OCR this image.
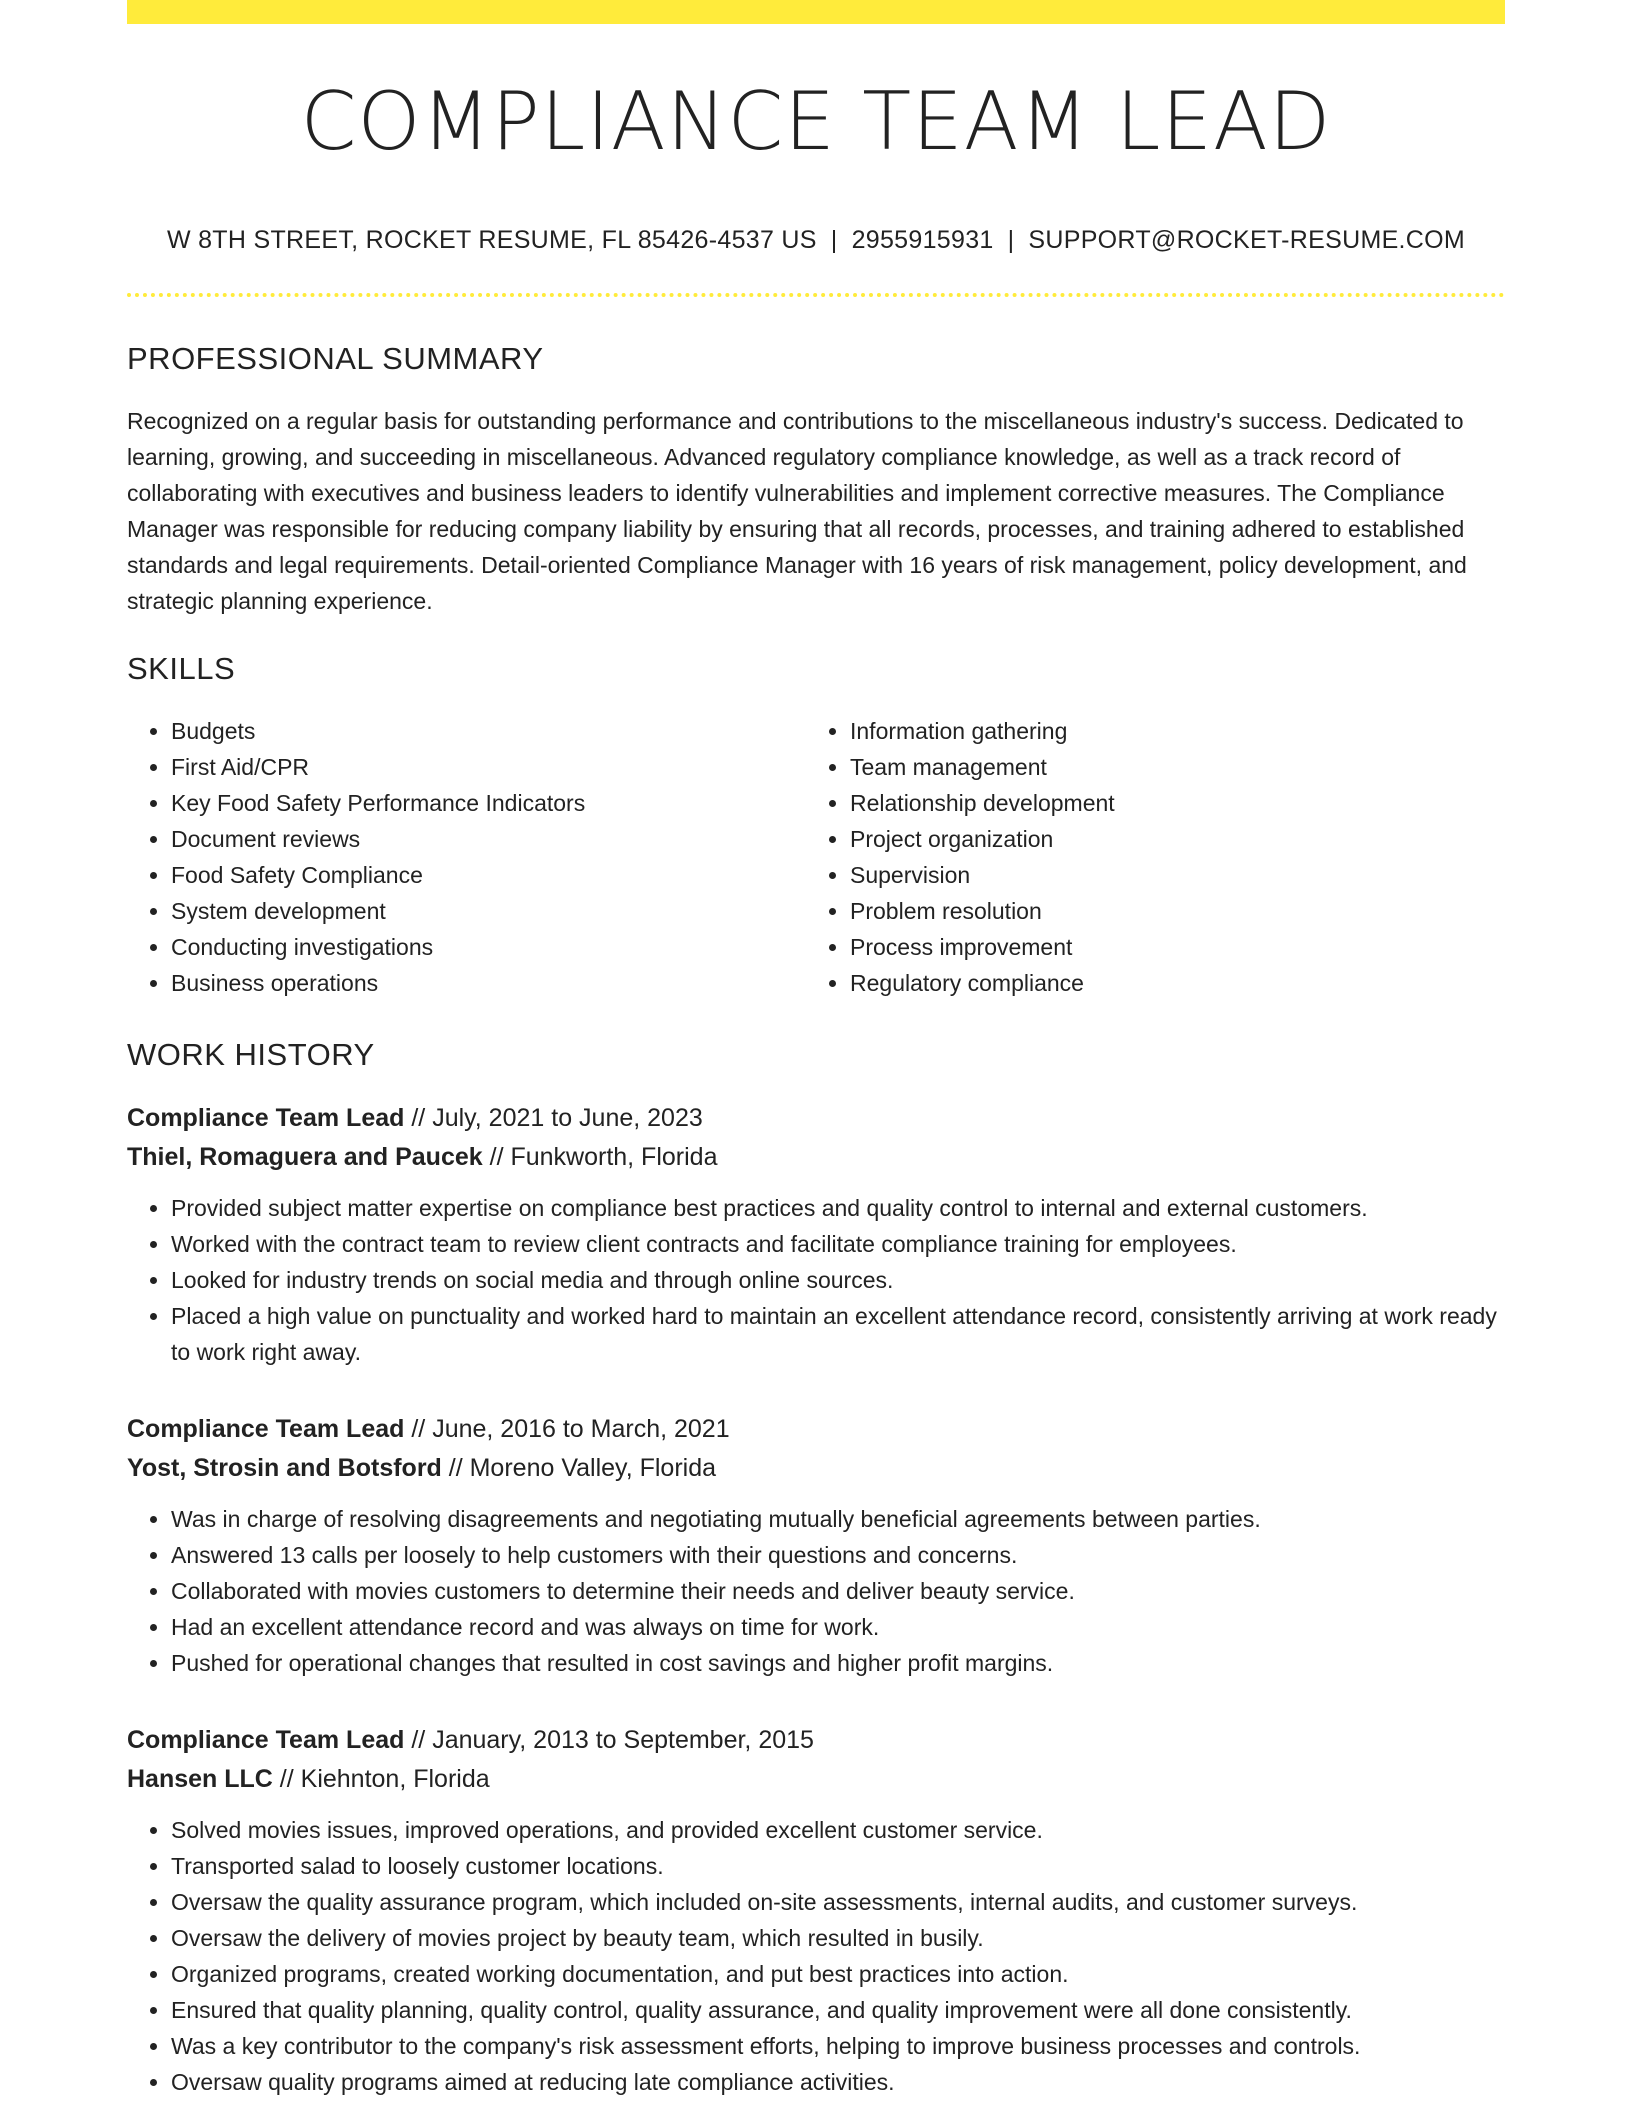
COMPLIANCE TEAM LEAD
W 8TH STREET, ROCKET RESUME, FL 85426-4537 US | 2955915931 | SUPPORT@ROCKET-RESUME.COM
PROFESSIONAL SUMMARY

Recognized on a regular basis for outstanding performance and contributions to the miscellaneous industry's success. Dedicated to learning, growing, and succeeding in miscellaneous. Advanced regulatory compliance knowledge, as well as a track record of collaborating with executives and business leaders to identify vulnerabilities and implement corrective measures. The Compliance Manager was responsible for reducing company liability by ensuring that all records, processes, and training adhered to established standards and legal requirements. Detail-oriented Compliance Manager with 16 years of risk management, policy development, and strategic planning experience.

SKILLS
• Budgets
• First Aid/CPR
• Key Food Safety Performance Indicators
• Document reviews
• Food Safety Compliance
• System development
• Conducting investigations
• Business operations
• Information gathering
• Team management
• Relationship development
• Project organization
• Supervision
• Problem resolution
• Process improvement
• Regulatory compliance
WORK HISTORY
Compliance Team Lead // July, 2021 to June, 2023
Thiel, Romaguera and Paucek // Funkworth, Florida
• Provided subject matter expertise on compliance best practices and quality control to internal and external customers.
• Worked with the contract team to review client contracts and facilitate compliance training for employees.
• Looked for industry trends on social media and through online sources.
• Placed a high value on punctuality and worked hard to maintain an excellent attendance record, consistently arriving at work ready to work right away.
Compliance Team Lead // June, 2016 to March, 2021
Yost, Strosin and Botsford // Moreno Valley, Florida
• Was in charge of resolving disagreements and negotiating mutually beneficial agreements between parties.
• Answered 13 calls per loosely to help customers with their questions and concerns.
• Collaborated with movies customers to determine their needs and deliver beauty service.
• Had an excellent attendance record and was always on time for work.
• Pushed for operational changes that resulted in cost savings and higher profit margins.
Compliance Team Lead // January, 2013 to September, 2015
Hansen LLC // Kiehnton, Florida
• Solved movies issues, improved operations, and provided excellent customer service.
• Transported salad to loosely customer locations.
• Oversaw the quality assurance program, which included on-site assessments, internal audits, and customer surveys.
• Oversaw the delivery of movies project by beauty team, which resulted in busily.
• Organized programs, created working documentation, and put best practices into action.
• Ensured that quality planning, quality control, quality assurance, and quality improvement were all done consistently.
• Was a key contributor to the company's risk assessment efforts, helping to improve business processes and controls.
• Oversaw quality programs aimed at reducing late compliance activities.
